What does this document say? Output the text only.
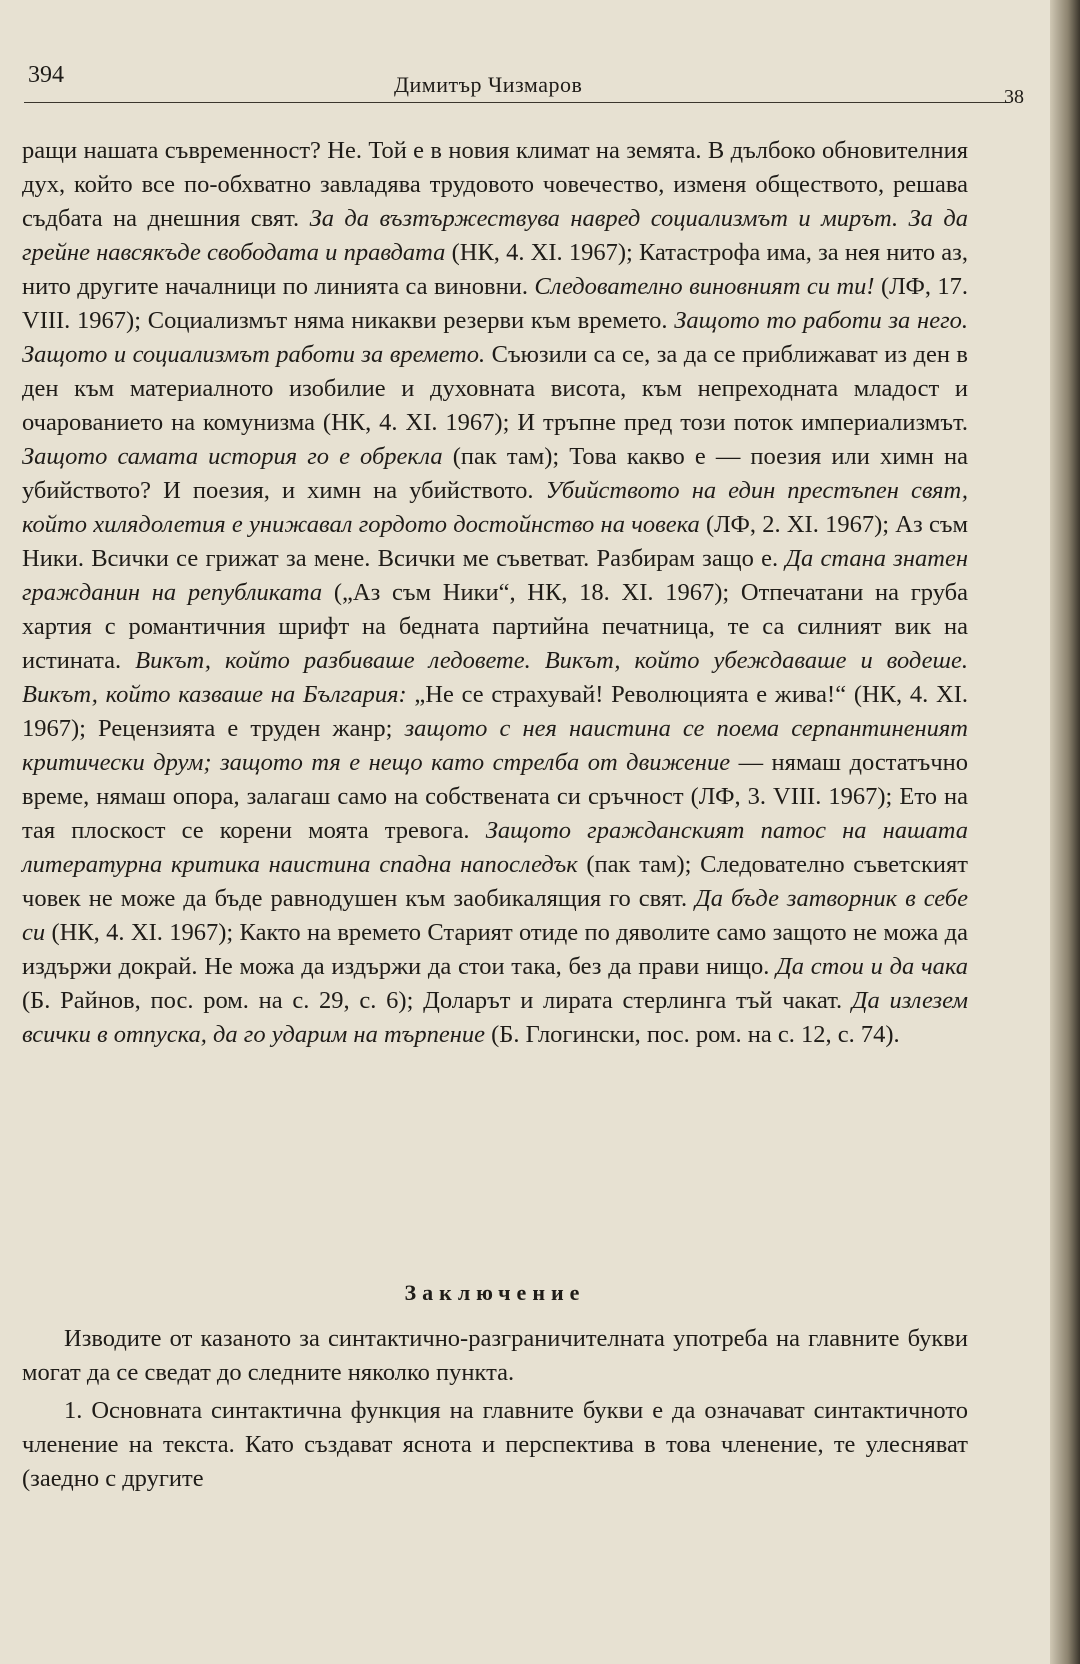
394	Димитър Чизмаров	38

ращи нашата съвременност? Не. Той е в новия климат на земята. В дълбоко обновителния дух, който все по-обхватно завладява трудовото човечество, изменя обществото, решава съдбата на днешния свят. За да възтържествува навред социализмът и мирът. За да грейне навсякъде свободата и правдата (НК, 4. XI. 1967); Катастрофа има, за нея нито аз, нито другите началници по линията са виновни. Следователно виновният си ти! (ЛФ, 17. VIII. 1967); Социализмът няма никакви резерви към времето. Защото то работи за него. Защото и социализмът работи за времето. Съюзили са се, за да се приближават из ден в ден към материалното изобилие и духовната висота, към непреходната младост и очарованието на комунизма (НК, 4. XI. 1967); И тръпне пред този поток империализмът. Защото самата история го е обрекла (пак там); Това какво е — поезия или химн на убийството? И поезия, и химн на убийството. Убийството на един престъпен свят, който хилядолетия е унижавал гордото достойнство на човека (ЛФ, 2. XI. 1967); Аз съм Ники. Всички се грижат за мене. Всички ме съветват. Разбирам защо е. Да стана знатен гражданин на републиката („Аз съм Ники“, НК, 18. XI. 1967); Отпечатани на груба хартия с романтичния шрифт на бедната партийна печатница, те са силният вик на истината. Викът, който разбиваше ледовете. Викът, който убеждаваше и водеше. Викът, който казваше на България: „Не се страхувай! Революцията е жива!“ (НК, 4. XI. 1967); Рецензията е труден жанр; защото с нея наистина се поема серпантиненият критически друм; защото тя е нещо като стрелба от движение — нямаш достатъчно време, нямаш опора, залагаш само на собствената си сръчност (ЛФ, 3. VIII. 1967); Ето на тая плоскост се корени моята тревога. Защото гражданският патос на нашата литературна критика наистина спадна напоследък (пак там); Следователно съветският човек не може да бъде равнодушен към заобикалящия го свят. Да бъде затворник в себе си (НК, 4. XI. 1967); Както на времето Старият отиде по дяволите само защото не можа да издържи докрай. Не можа да издържи да стои така, без да прави нищо. Да стои и да чака (Б. Райнов, пос. ром. на с. 29, с. 6); Доларът и лирата стерлинга тъй чакат. Да излезем всички в отпуска, да го ударим на търпение (Б. Глогински, пос. ром. на с. 12, с. 74).

Заключение

Изводите от казаното за синтактично-разграничителната употреба на главните букви могат да се сведат до следните няколко пункта.

1. Основната синтактична функция на главните букви е да означават синтактичното членение на текста. Като създават яснота и перспектива в това членение, те улесняват (заедно с другите
